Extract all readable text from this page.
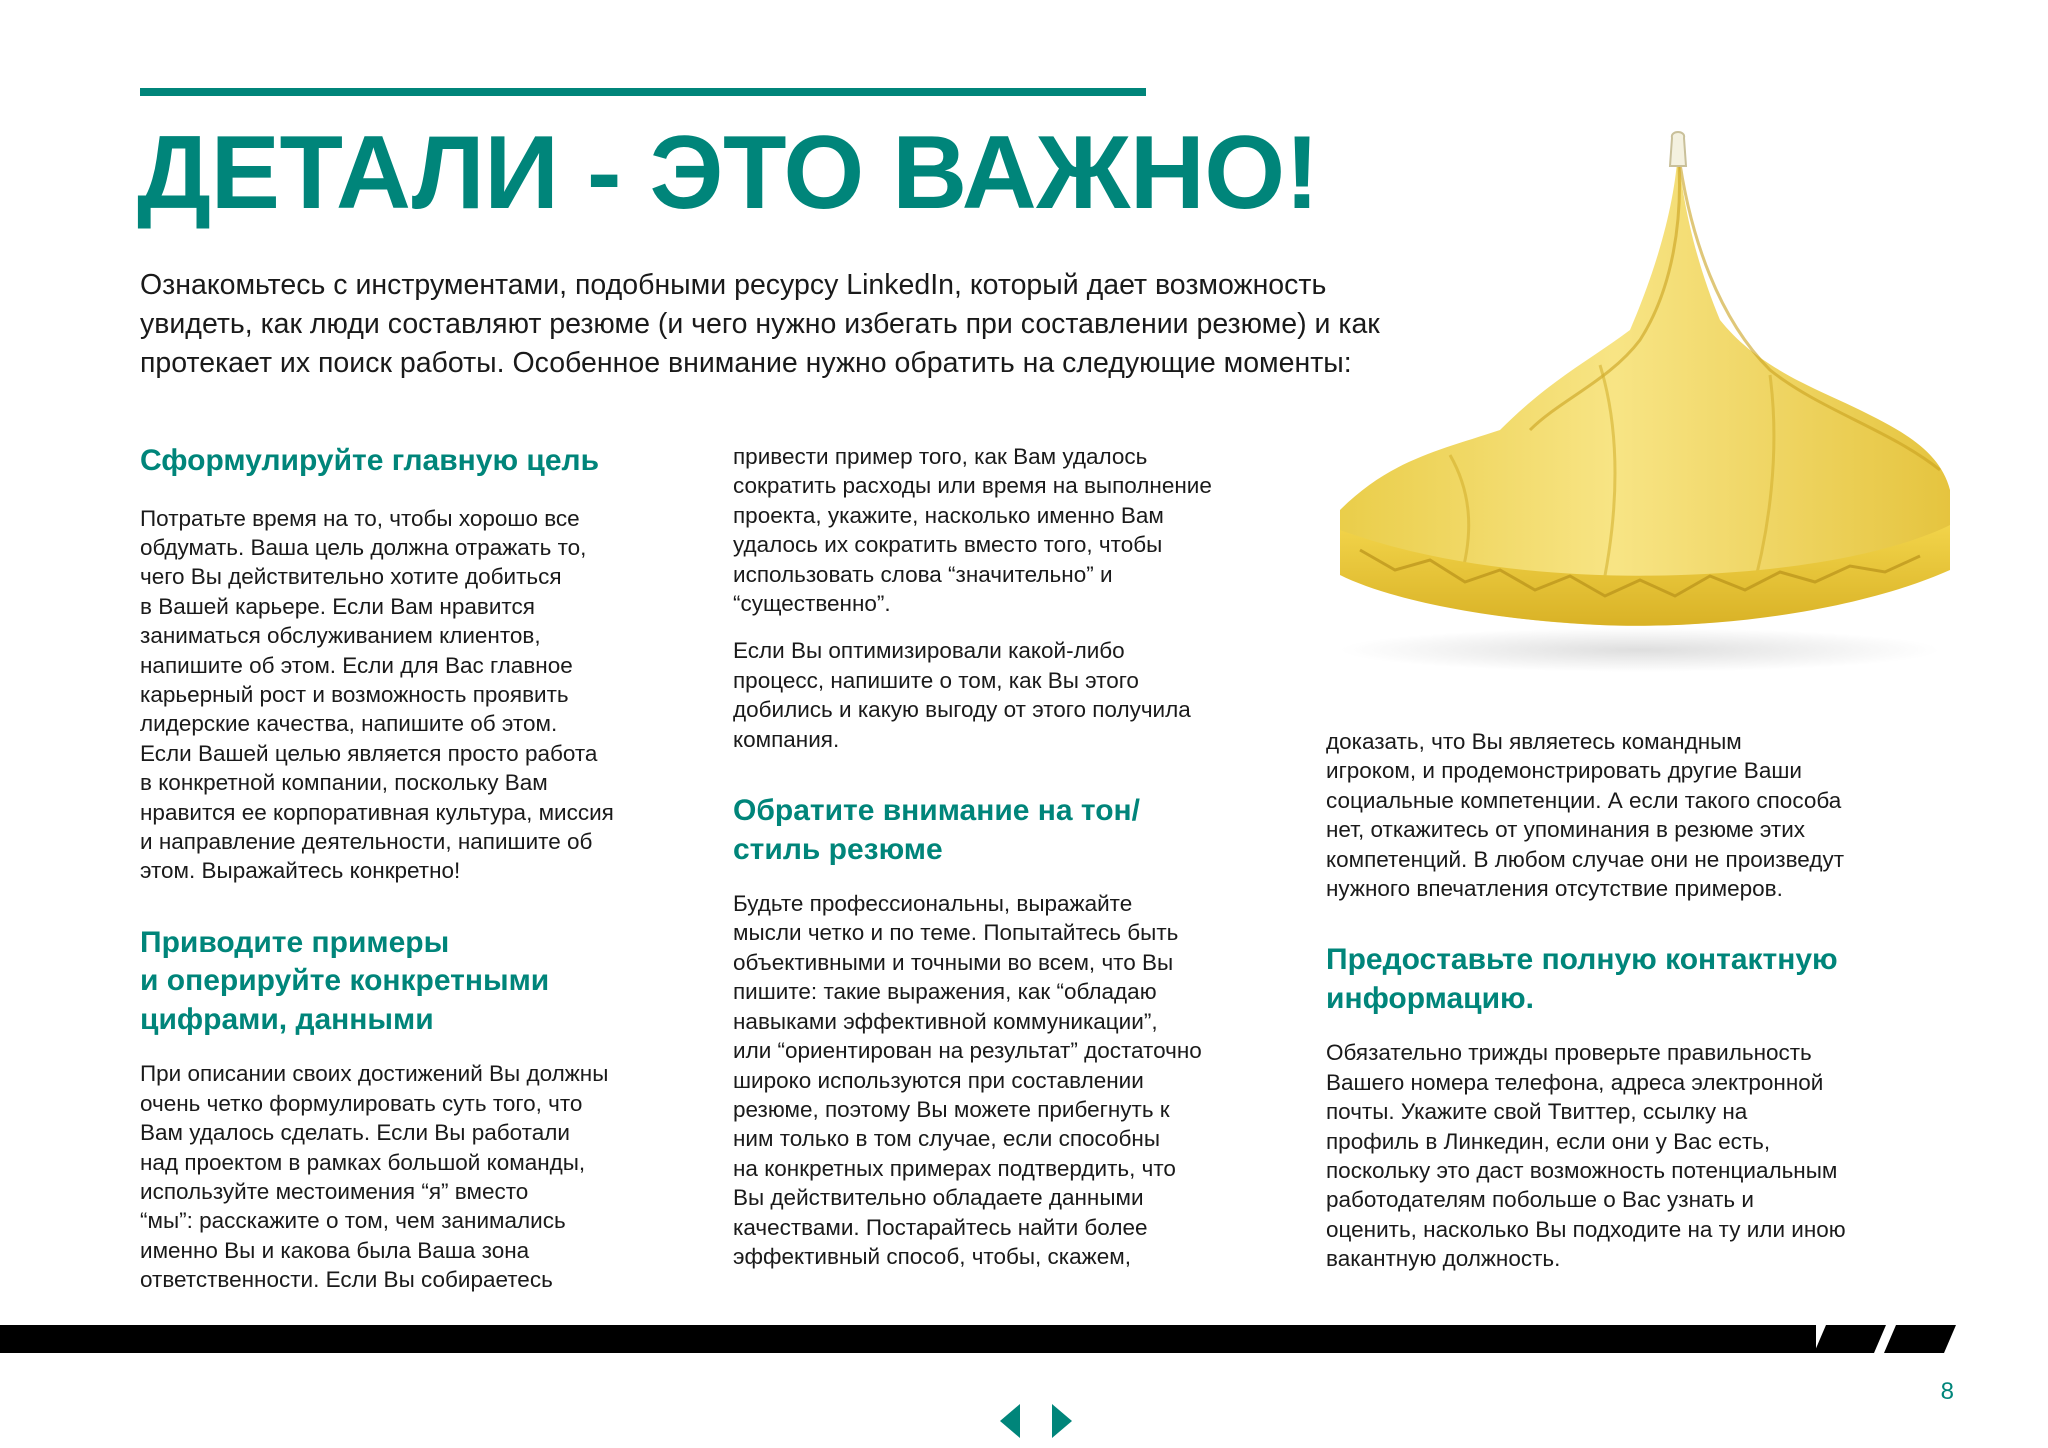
ДЕТАЛИ - ЭТО ВАЖНО!

Ознакомьтесь с инструментами, подобными ресурсу LinkedIn, который дает возможность увидеть, как люди составляют резюме (и чего нужно избегать при составлении резюме) и как протекает их поиск работы. Особенное внимание нужно обратить на следующие моменты:

Сформулируйте главную цель

Потратьте время на то, чтобы хорошо все
обдумать. Ваша цель должна отражать то,
чего Вы действительно хотите добиться
в Вашей карьере. Если Вам нравится
заниматься обслуживанием клиентов,
напишите об этом. Если для Вас главное
карьерный рост и возможность проявить
лидерские качества, напишите об этом.
Если Вашей целью является просто работа
в конкретной компании, поскольку Вам
нравится ее корпоративная культура, миссия
и направление деятельности, напишите об
этом. Выражайтесь конкретно!

Приводите примеры
и оперируйте конкретными
цифрами, данными

При описании своих достижений Вы должны
очень четко формулировать суть того, что
Вам удалось сделать. Если Вы работали
над проектом в рамках большой команды,
используйте местоимения “я” вместо
“мы”: расскажите о том, чем занимались
именно Вы и какова была Ваша зона
ответственности. Если Вы собираетесь

привести пример того, как Вам удалось
сократить расходы или время на выполнение
проекта, укажите, насколько именно Вам
удалось их сократить вместо того, чтобы
использовать слова “значительно” и
“существенно”.

Если Вы оптимизировали какой-либо
процесс, напишите о том, как Вы этого
добились и какую выгоду от этого получила
компания.

Обратите внимание на тон/
стиль резюме

Будьте профессиональны, выражайте
мысли четко и по теме. Попытайтесь быть
объективными и точными во всем, что Вы
пишите: такие выражения, как “обладаю
навыками эффективной коммуникации”,
или “ориентирован на результат” достаточно
широко используются при составлении
резюме, поэтому Вы можете прибегнуть к
ним только в том случае, если способны
на конкретных примерах подтвердить, что
Вы действительно обладаете данными
качествами. Постарайтесь найти более
эффективный способ, чтобы, скажем,

доказать, что Вы являетесь командным
игроком, и продемонстрировать другие Ваши
социальные компетенции. А если такого способа
нет, откажитесь от упоминания в резюме этих
компетенций. В любом случае они не произведут
нужного впечатления отсутствие примеров.

Предоставьте полную контактную
информацию.

Обязательно трижды проверьте правильность
Вашего номера телефона, адреса электронной
почты. Укажите свой Твиттер, ссылку на
профиль в Линкедин, если они у Вас есть,
поскольку это даст возможность потенциальным
работодателям побольше о Вас узнать и
оценить, насколько Вы подходите на ту или иною
вакантную должность.

8
